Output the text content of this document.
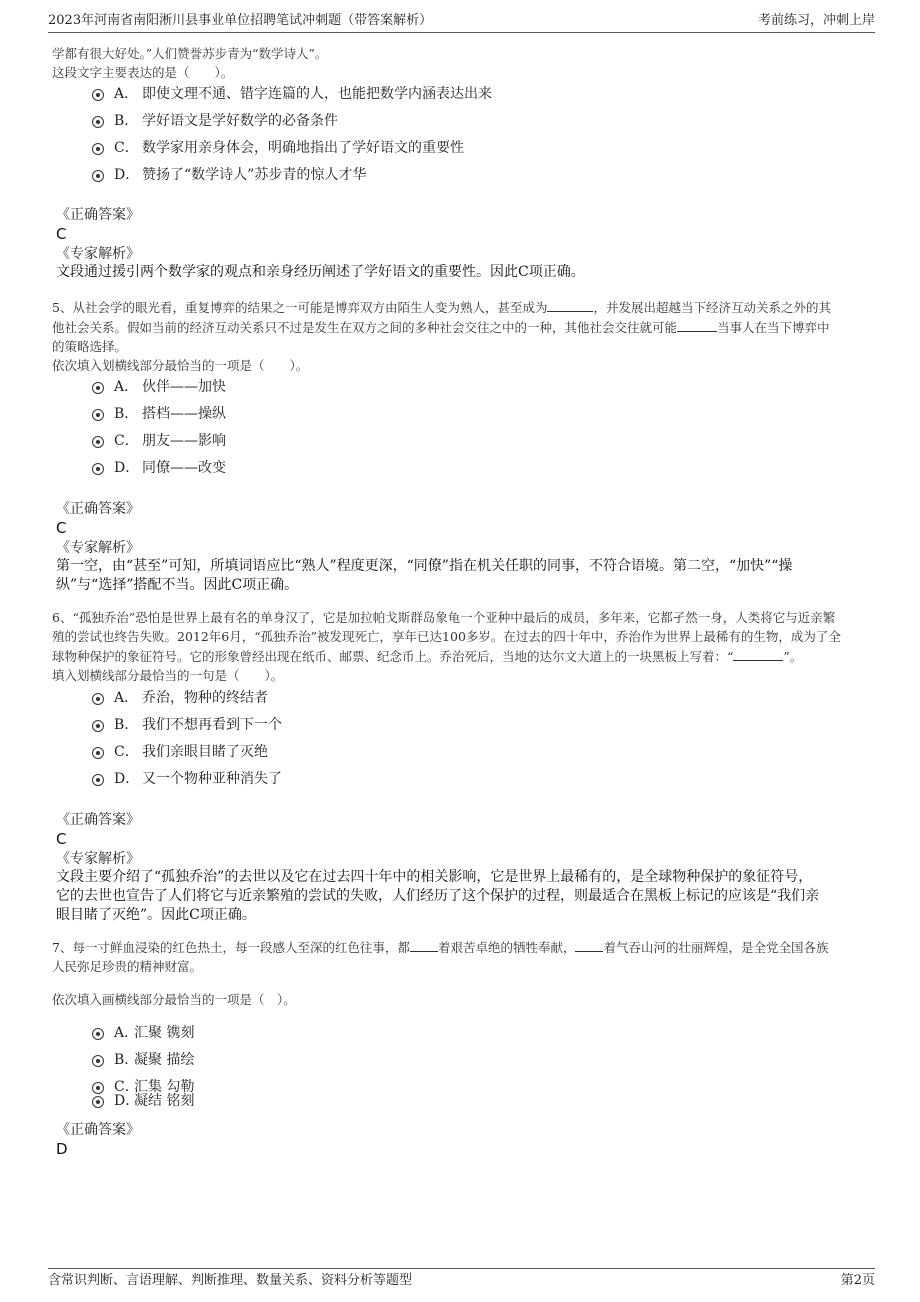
2023年河南省南阳淅川县事业单位招聘笔试冲刺题（带答案解析）	考前练习，冲刺上岸
学都有很大好处。”人们赞誉苏步青为“数学诗人”。
这段文字主要表达的是（　　）。
A． 即使文理不通、错字连篇的人，也能把数学内涵表达出来
B． 学好语文是学好数学的必备条件
C． 数学家用亲身体会，明确地指出了学好语文的重要性
D． 赞扬了“数学诗人”苏步青的惊人才华
《正确答案》
C
《专家解析》
文段通过援引两个数学家的观点和亲身经历阐述了学好语文的重要性。因此C项正确。
5、从社会学的眼光看，重复博弈的结果之一可能是博弈双方由陌生人变为熟人，甚至成为	，并发展出超越当下经济互动关系之外的其
他社会关系。假如当前的经济互动关系只不过是发生在双方之间的多种社会交往之中的一种，其他社会交往就可能	当事人在当下博弈中
的策略选择。
依次填入划横线部分最恰当的一项是（　　）。
A． 伙伴——加快
B． 搭档——操纵
C． 朋友——影响
D． 同僚——改变
《正确答案》
C
《专家解析》
第一空，由“甚至”可知，所填词语应比“熟人”程度更深，“同僚”指在机关任职的同事，不符合语境。第二空，“加快”“操
纵”与“选择”搭配不当。因此C项正确。
6、“孤独乔治”恐怕是世界上最有名的单身汉了，它是加拉帕戈斯群岛象龟一个亚种中最后的成员，多年来，它都孑然一身，人类将它与近亲繁
殖的尝试也终告失败。2012年6月，“孤独乔治”被发现死亡，享年已达100多岁。在过去的四十年中，乔治作为世界上最稀有的生物，成为了全
球物种保护的象征符号。它的形象曾经出现在纸币、邮票、纪念币上。乔治死后，当地的达尔文大道上的一块黑板上写着：“	”。
填入划横线部分最恰当的一句是（　　）。
A． 乔治，物种的终结者
B． 我们不想再看到下一个
C． 我们亲眼目睹了灭绝
D． 又一个物种亚种消失了
《正确答案》
C
《专家解析》
文段主要介绍了“孤独乔治”的去世以及它在过去四十年中的相关影响，它是世界上最稀有的，是全球物种保护的象征符号，
它的去世也宣告了人们将它与近亲繁殖的尝试的失败，人们经历了这个保护的过程，则最适合在黑板上标记的应该是“我们亲
眼目睹了灭绝”。因此C项正确。
7、每一寸鲜血浸染的红色热土，每一段感人至深的红色往事，都 着艰苦卓绝的牺牲奉献， 着气吞山河的壮丽辉煌，是全党全国各族
人民弥足珍贵的精神财富。
依次填入画横线部分最恰当的一项是（　）。
A．汇聚 镌刻
B．凝聚 描绘
C．汇集 勾勒
D．凝结 铭刻
《正确答案》
D
含常识判断、言语理解、判断推理、数量关系、资料分析等题型	第2页
